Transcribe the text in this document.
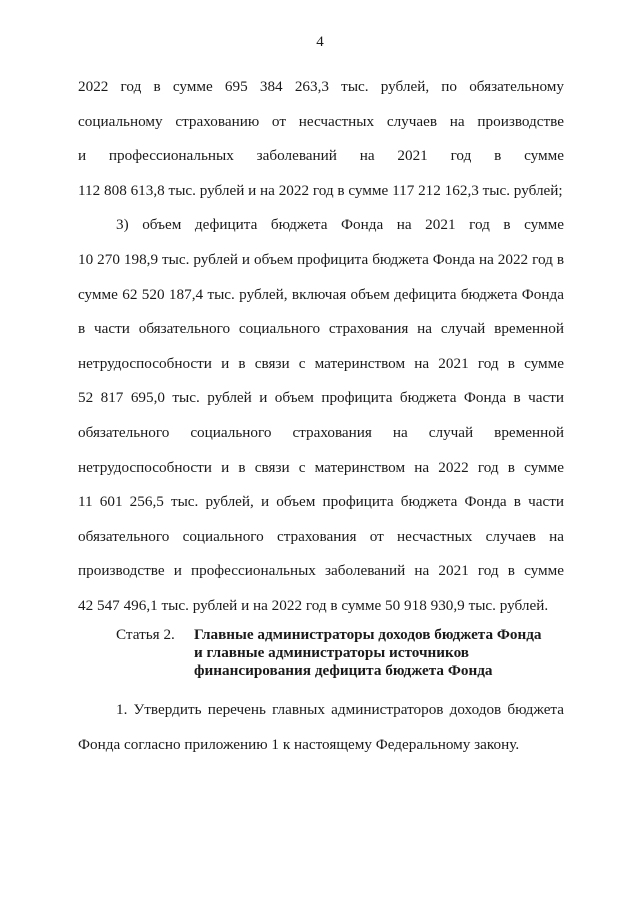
4
2022 год в сумме 695 384 263,3 тыс. рублей, по обязательному
социальному страхованию от несчастных случаев на производстве
и профессиональных заболеваний на 2021 год в сумме
112 808 613,8 тыс. рублей и на 2022 год в сумме 117 212 162,3 тыс. рублей;
3) объем дефицита бюджета Фонда на 2021 год в сумме
10 270 198,9 тыс. рублей и объем профицита бюджета Фонда на 2022 год в
сумме 62 520 187,4 тыс. рублей, включая объем дефицита бюджета Фонда
в части обязательного социального страхования на случай временной
нетрудоспособности и в связи с материнством на 2021 год в сумме
52 817 695,0 тыс. рублей и объем профицита бюджета Фонда в части
обязательного социального страхования на случай временной
нетрудоспособности и в связи с материнством на 2022 год в сумме
11 601 256,5 тыс. рублей, и объем профицита бюджета Фонда в части
обязательного социального страхования от несчастных случаев на
производстве и профессиональных заболеваний на 2021 год в сумме
42 547 496,1 тыс. рублей и на 2022 год в сумме 50 918 930,9 тыс. рублей.
Статья 2. Главные администраторы доходов бюджета Фонда
и главные администраторы источников
финансирования дефицита бюджета Фонда
1. Утвердить перечень главных администраторов доходов бюджета
Фонда согласно приложению 1 к настоящему Федеральному закону.
